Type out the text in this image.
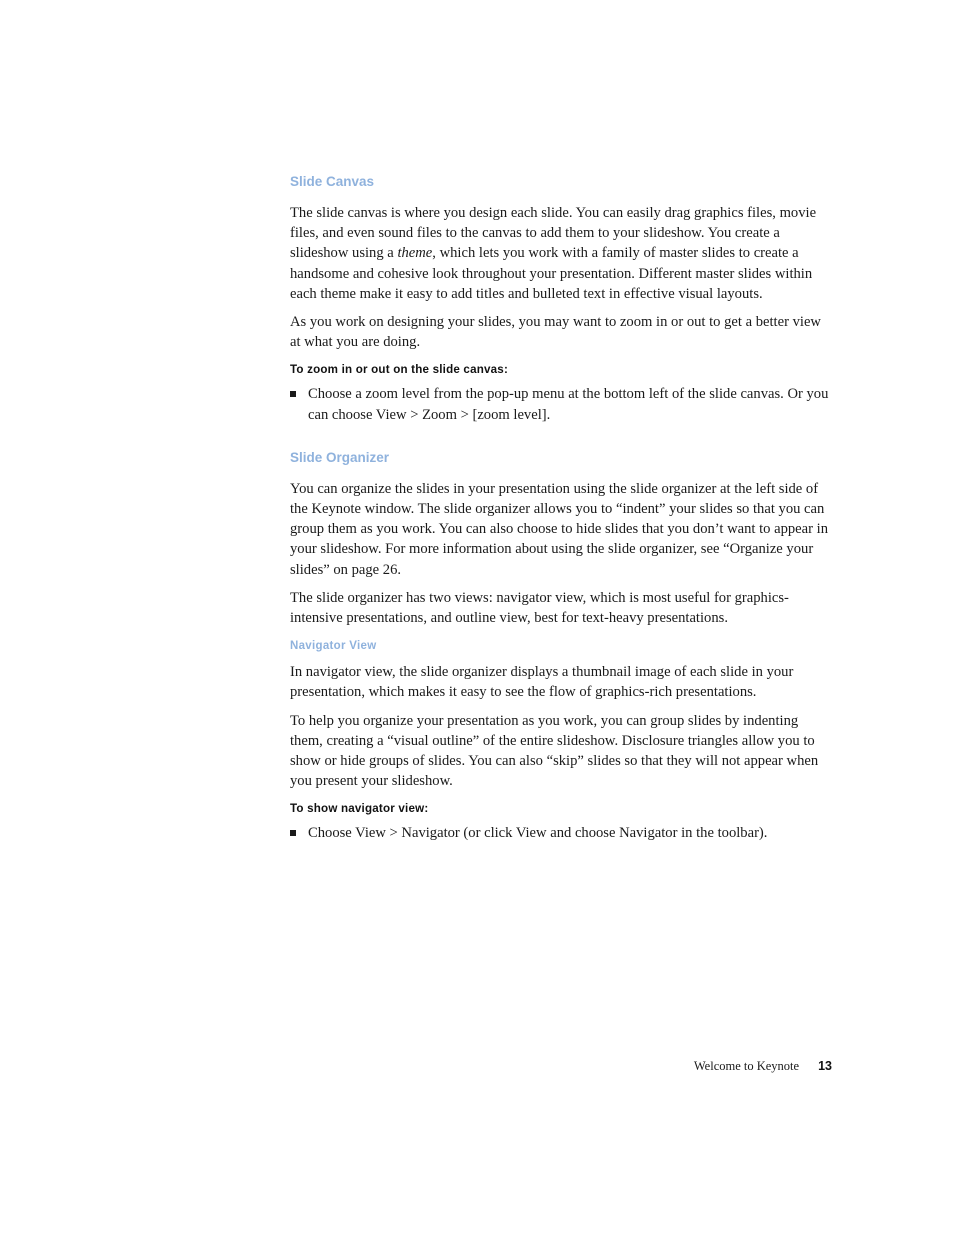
Slide Canvas

The slide canvas is where you design each slide. You can easily drag graphics files, movie files, and even sound files to the canvas to add them to your slideshow. You create a slideshow using a theme, which lets you work with a family of master slides to create a handsome and cohesive look throughout your presentation. Different master slides within each theme make it easy to add titles and bulleted text in effective visual layouts.

As you work on designing your slides, you may want to zoom in or out to get a better view at what you are doing.

To zoom in or out on the slide canvas:
Choose a zoom level from the pop-up menu at the bottom left of the slide canvas. Or you can choose View > Zoom > [zoom level].
Slide Organizer

You can organize the slides in your presentation using the slide organizer at the left side of the Keynote window. The slide organizer allows you to “indent” your slides so that you can group them as you work. You can also choose to hide slides that you don’t want to appear in your slideshow. For more information about using the slide organizer, see “Organize your slides” on page 26.

The slide organizer has two views: navigator view, which is most useful for graphics-intensive presentations, and outline view, best for text-heavy presentations.

Navigator View

In navigator view, the slide organizer displays a thumbnail image of each slide in your presentation, which makes it easy to see the flow of graphics-rich presentations.

To help you organize your presentation as you work, you can group slides by indenting them, creating a “visual outline” of the entire slideshow. Disclosure triangles allow you to show or hide groups of slides. You can also “skip” slides so that they will not appear when you present your slideshow.

To show navigator view:
Choose View > Navigator (or click View and choose Navigator in the toolbar).
Welcome to Keynote 13
